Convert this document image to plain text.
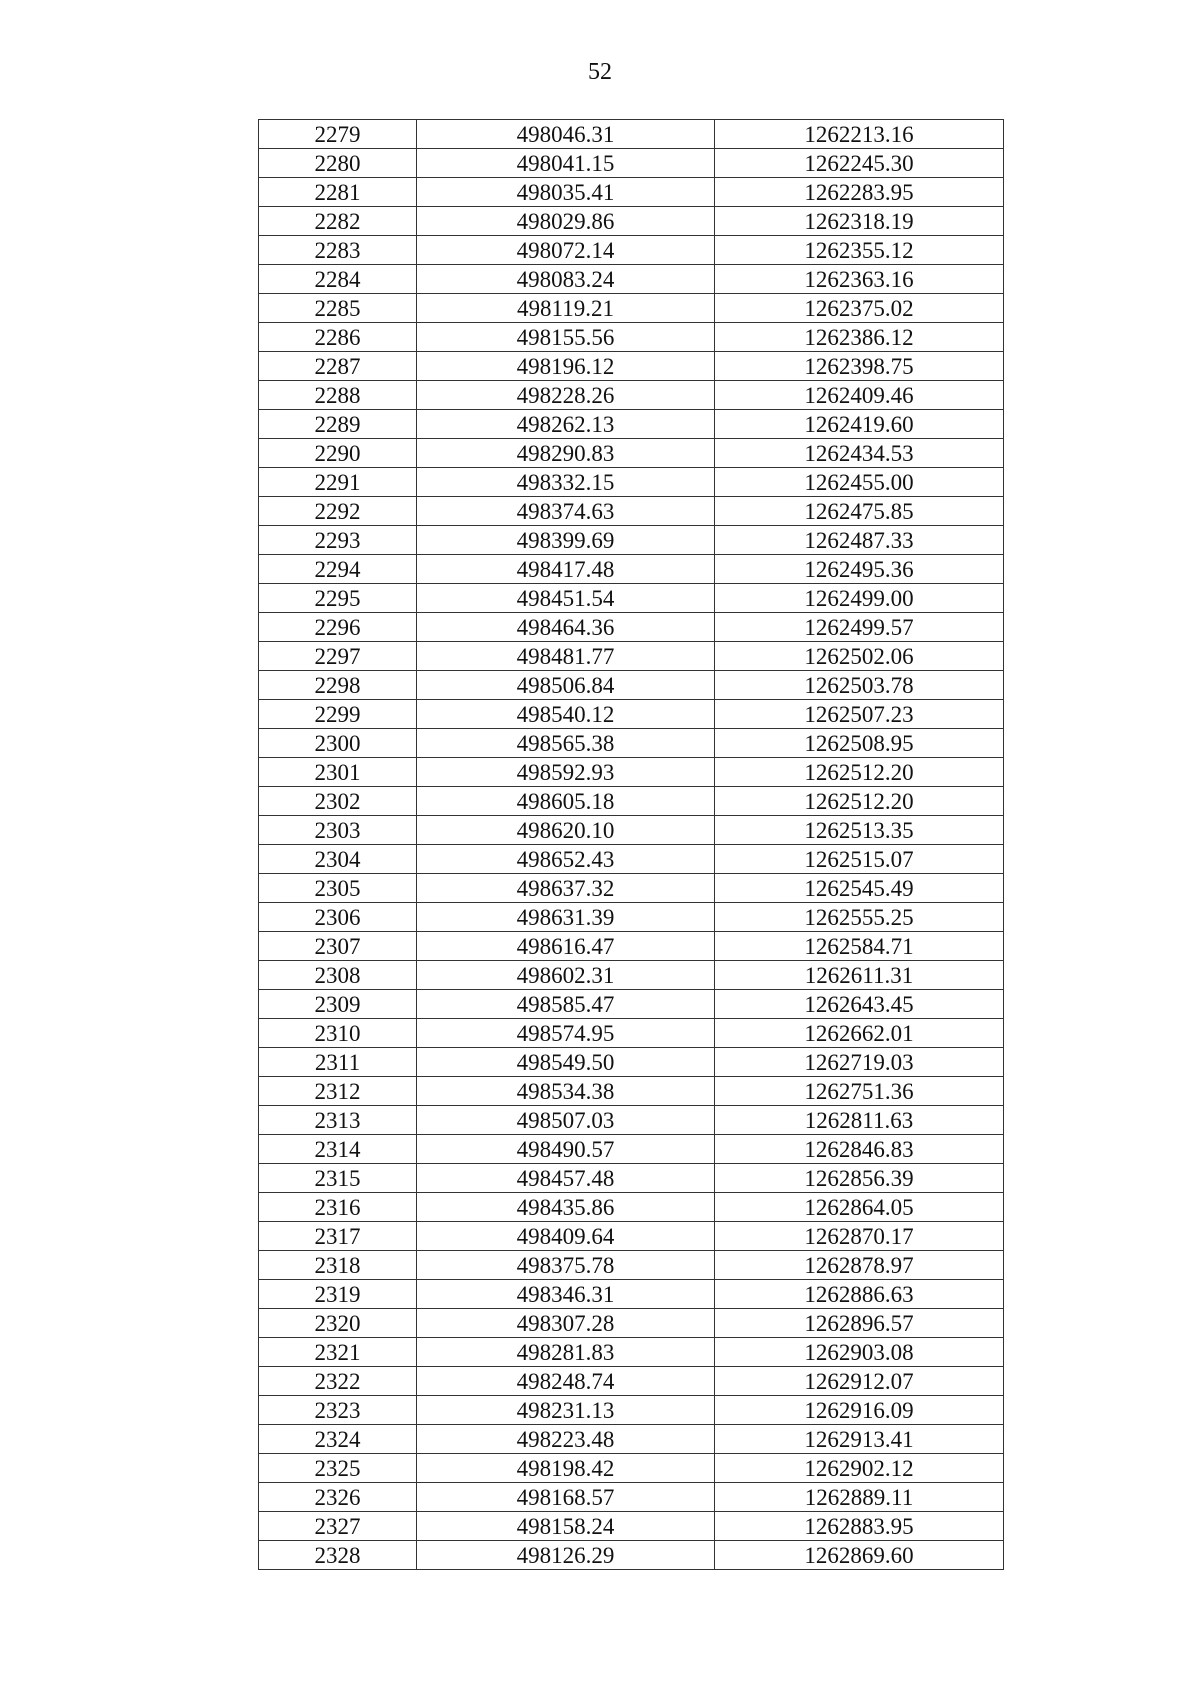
52
2279	498046.31	1262213.16
2280	498041.15	1262245.30
2281	498035.41	1262283.95
2282	498029.86	1262318.19
2283	498072.14	1262355.12
2284	498083.24	1262363.16
2285	498119.21	1262375.02
2286	498155.56	1262386.12
2287	498196.12	1262398.75
2288	498228.26	1262409.46
2289	498262.13	1262419.60
2290	498290.83	1262434.53
2291	498332.15	1262455.00
2292	498374.63	1262475.85
2293	498399.69	1262487.33
2294	498417.48	1262495.36
2295	498451.54	1262499.00
2296	498464.36	1262499.57
2297	498481.77	1262502.06
2298	498506.84	1262503.78
2299	498540.12	1262507.23
2300	498565.38	1262508.95
2301	498592.93	1262512.20
2302	498605.18	1262512.20
2303	498620.10	1262513.35
2304	498652.43	1262515.07
2305	498637.32	1262545.49
2306	498631.39	1262555.25
2307	498616.47	1262584.71
2308	498602.31	1262611.31
2309	498585.47	1262643.45
2310	498574.95	1262662.01
2311	498549.50	1262719.03
2312	498534.38	1262751.36
2313	498507.03	1262811.63
2314	498490.57	1262846.83
2315	498457.48	1262856.39
2316	498435.86	1262864.05
2317	498409.64	1262870.17
2318	498375.78	1262878.97
2319	498346.31	1262886.63
2320	498307.28	1262896.57
2321	498281.83	1262903.08
2322	498248.74	1262912.07
2323	498231.13	1262916.09
2324	498223.48	1262913.41
2325	498198.42	1262902.12
2326	498168.57	1262889.11
2327	498158.24	1262883.95
2328	498126.29	1262869.60
